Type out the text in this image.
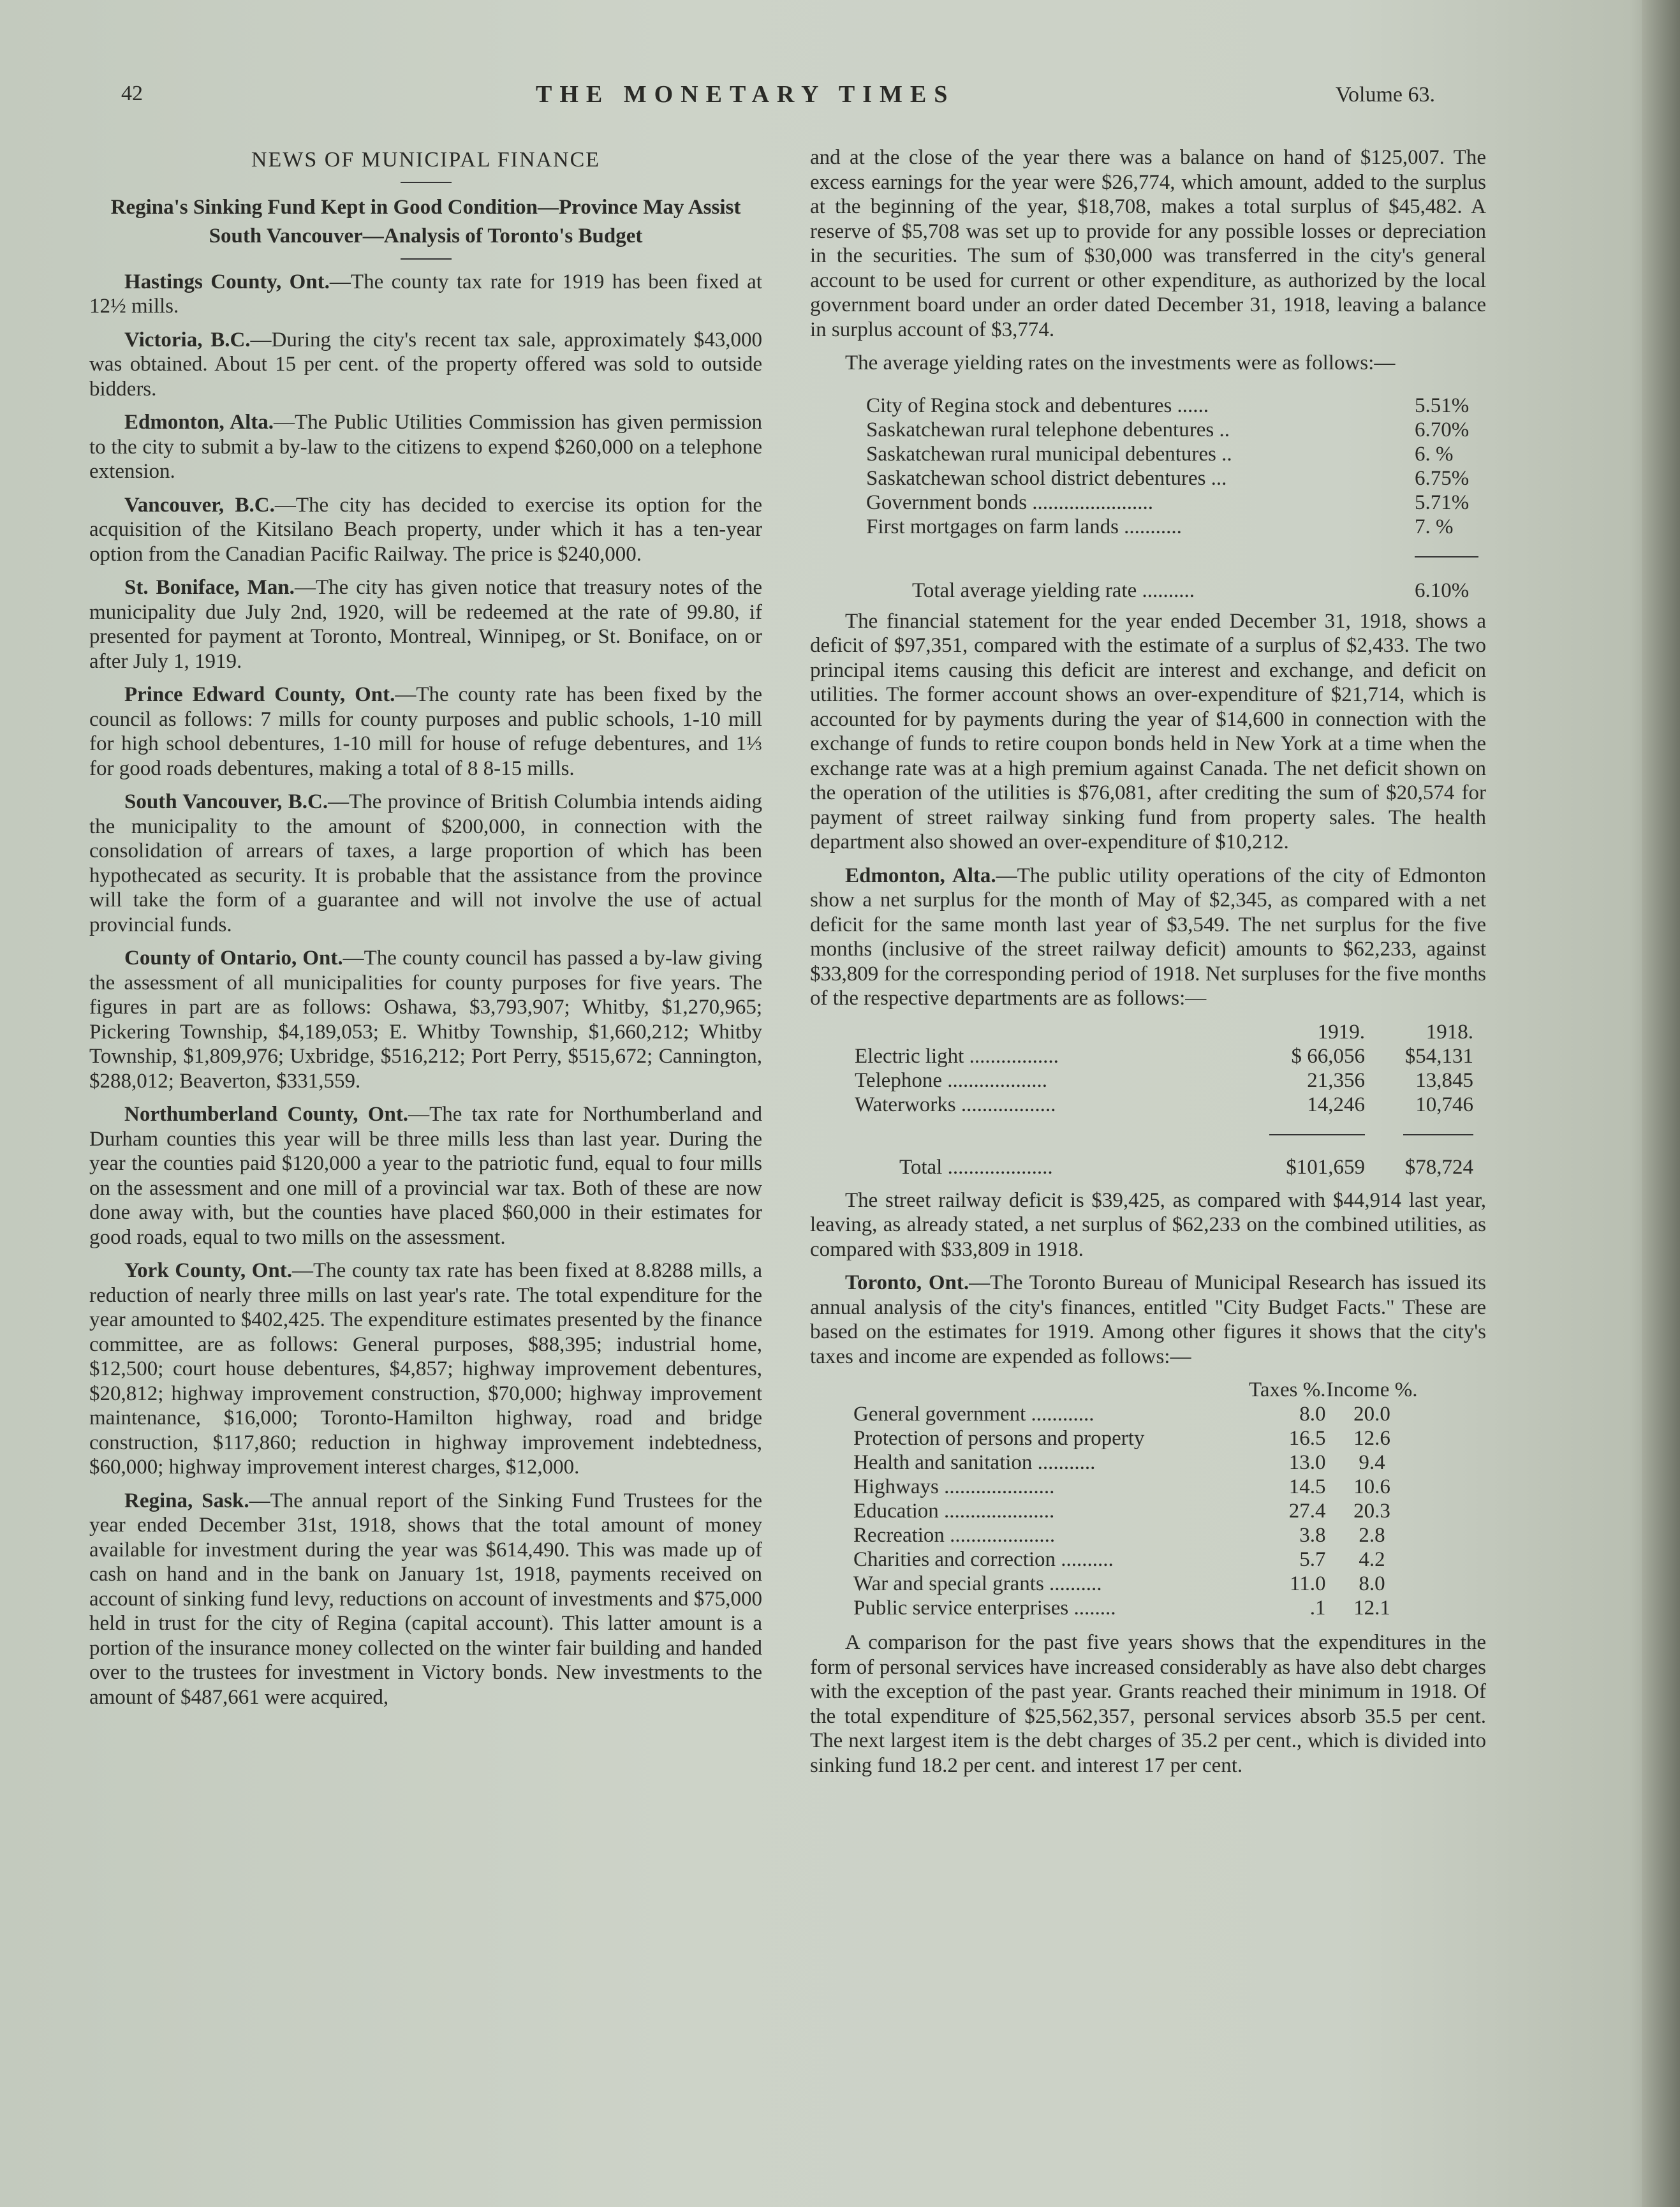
42	THE MONETARY TIMES	Volume 63.
NEWS OF MUNICIPAL FINANCE
Regina's Sinking Fund Kept in Good Condition—Province May Assist South Vancouver—Analysis of Toronto's Budget

Hastings County, Ont.—The county tax rate for 1919 has been fixed at 12½ mills.

Victoria, B.C.—During the city's recent tax sale, approximately $43,000 was obtained. About 15 per cent. of the property offered was sold to outside bidders.

Edmonton, Alta.—The Public Utilities Commission has given permission to the city to submit a by-law to the citizens to expend $260,000 on a telephone extension.

Vancouver, B.C.—The city has decided to exercise its option for the acquisition of the Kitsilano Beach property, under which it has a ten-year option from the Canadian Pacific Railway. The price is $240,000.

St. Boniface, Man.—The city has given notice that treasury notes of the municipality due July 2nd, 1920, will be redeemed at the rate of 99.80, if presented for payment at Toronto, Montreal, Winnipeg, or St. Boniface, on or after July 1, 1919.

Prince Edward County, Ont.—The county rate has been fixed by the council as follows: 7 mills for county purposes and public schools, 1-10 mill for high school debentures, 1-10 mill for house of refuge debentures, and 1⅓ for good roads debentures, making a total of 8 8-15 mills.

South Vancouver, B.C.—The province of British Columbia intends aiding the municipality to the amount of $200,000, in connection with the consolidation of arrears of taxes, a large proportion of which has been hypothecated as security. It is probable that the assistance from the province will take the form of a guarantee and will not involve the use of actual provincial funds.

County of Ontario, Ont.—The county council has passed a by-law giving the assessment of all municipalities for county purposes for five years. The figures in part are as follows: Oshawa, $3,793,907; Whitby, $1,270,965; Pickering Township, $4,189,053; E. Whitby Township, $1,660,212; Whitby Township, $1,809,976; Uxbridge, $516,212; Port Perry, $515,672; Cannington, $288,012; Beaverton, $331,559.

Northumberland County, Ont.—The tax rate for Northumberland and Durham counties this year will be three mills less than last year. During the year the counties paid $120,000 a year to the patriotic fund, equal to four mills on the assessment and one mill of a provincial war tax. Both of these are now done away with, but the counties have placed $60,000 in their estimates for good roads, equal to two mills on the assessment.

York County, Ont.—The county tax rate has been fixed at 8.8288 mills, a reduction of nearly three mills on last year's rate. The total expenditure for the year amounted to $402,425. The expenditure estimates presented by the finance committee, are as follows: General purposes, $88,395; industrial home, $12,500; court house debentures, $4,857; highway improvement debentures, $20,812; highway improvement construction, $70,000; highway improvement maintenance, $16,000; Toronto-Hamilton highway, road and bridge construction, $117,860; reduction in highway improvement indebtedness, $60,000; highway improvement interest charges, $12,000.

Regina, Sask.—The annual report of the Sinking Fund Trustees for the year ended December 31st, 1918, shows that the total amount of money available for investment during the year was $614,490. This was made up of cash on hand and in the bank on January 1st, 1918, payments received on account of sinking fund levy, reductions on account of investments and $75,000 held in trust for the city of Regina (capital account). This latter amount is a portion of the insurance money collected on the winter fair building and handed over to the trustees for investment in Victory bonds. New investments to the amount of $487,661 were acquired,

and at the close of the year there was a balance on hand of $125,007. The excess earnings for the year were $26,774, which amount, added to the surplus at the beginning of the year, $18,708, makes a total surplus of $45,482. A reserve of $5,708 was set up to provide for any possible losses or depreciation in the securities. The sum of $30,000 was transferred in the city's general account to be used for current or other expenditure, as authorized by the local government board under an order dated December 31, 1918, leaving a balance in surplus account of $3,774.

The average yielding rates on the investments were as follows:—

City of Regina stock and debentures ......	5.51%
Saskatchewan rural telephone debentures ..	6.70%
Saskatchewan rural municipal debentures ..	6. %
Saskatchewan school district debentures ...	6.75%
Government bonds .......................	5.71%
First mortgages on farm lands ...........	7. %

Total average yielding rate ..........	6.10%

The financial statement for the year ended December 31, 1918, shows a deficit of $97,351, compared with the estimate of a surplus of $2,433. The two principal items causing this deficit are interest and exchange, and deficit on utilities. The former account shows an over-expenditure of $21,714, which is accounted for by payments during the year of $14,600 in connection with the exchange of funds to retire coupon bonds held in New York at a time when the exchange rate was at a high premium against Canada. The net deficit shown on the operation of the utilities is $76,081, after crediting the sum of $20,574 for payment of street railway sinking fund from property sales. The health department also showed an over-expenditure of $10,212.

Edmonton, Alta.—The public utility operations of the city of Edmonton show a net surplus for the month of May of $2,345, as compared with a net deficit for the same month last year of $3,549. The net surplus for the five months (inclusive of the street railway deficit) amounts to $62,233, against $33,809 for the corresponding period of 1918. Net surpluses for the five months of the respective departments are as follows:—

	1919.	1918.
Electric light .................	$ 66,056	$54,131
Telephone ...................	21,356	13,845
Waterworks ..................	14,246	10,746

Total ....................	$101,659	$78,724

The street railway deficit is $39,425, as compared with $44,914 last year, leaving, as already stated, a net surplus of $62,233 on the combined utilities, as compared with $33,809 in 1918.

Toronto, Ont.—The Toronto Bureau of Municipal Research has issued its annual analysis of the city's finances, entitled "City Budget Facts." These are based on the estimates for 1919. Among other figures it shows that the city's taxes and income are expended as follows:—

	Taxes %.	Income %.
General government ............	8.0	20.0
Protection of persons and property	16.5	12.6
Health and sanitation ...........	13.0	9.4
Highways .....................	14.5	10.6
Education .....................	27.4	20.3
Recreation ....................	3.8	2.8
Charities and correction ..........	5.7	4.2
War and special grants ..........	11.0	8.0
Public service enterprises ........	.1	12.1

A comparison for the past five years shows that the expenditures in the form of personal services have increased considerably as have also debt charges with the exception of the past year. Grants reached their minimum in 1918. Of the total expenditure of $25,562,357, personal services absorb 35.5 per cent. The next largest item is the debt charges of 35.2 per cent., which is divided into sinking fund 18.2 per cent. and interest 17 per cent.
